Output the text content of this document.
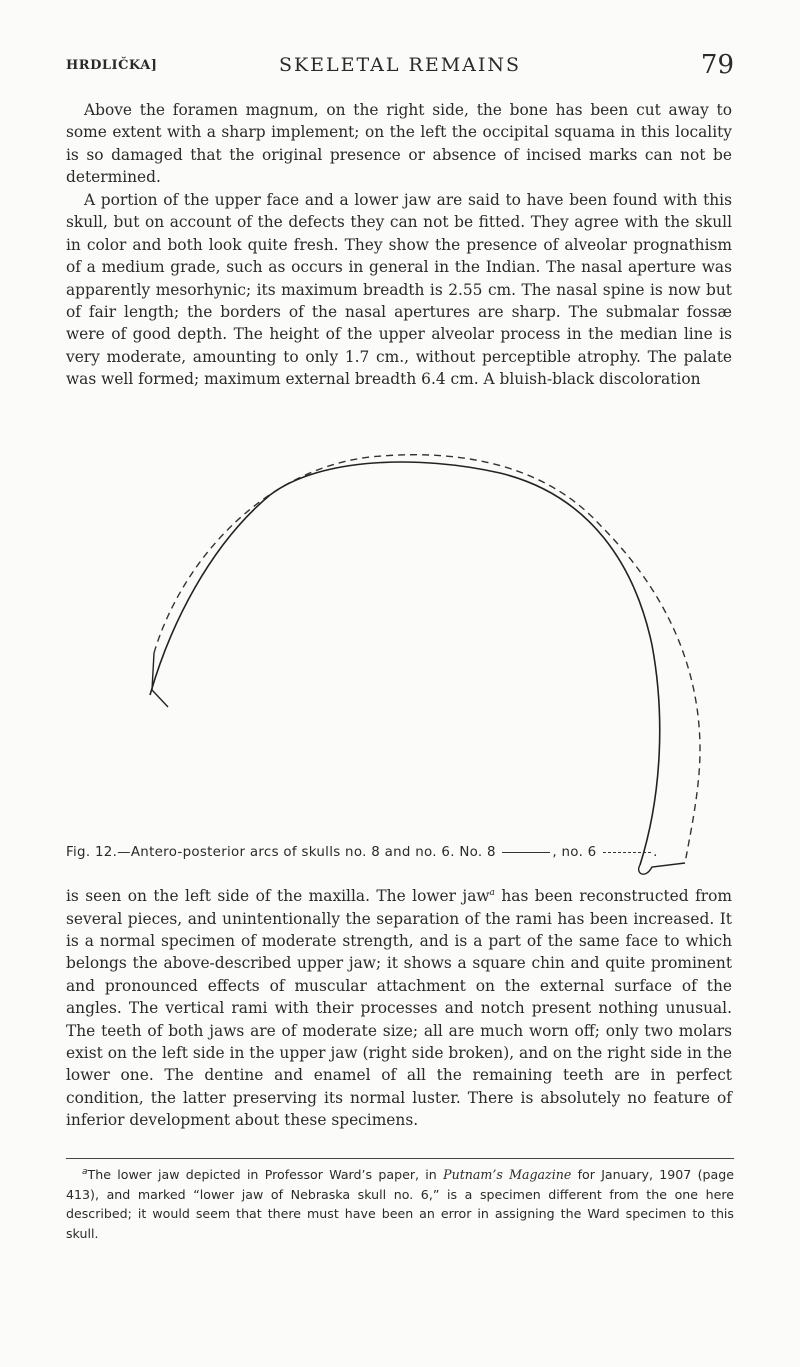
HRDLIČKA]	SKELETAL REMAINS	79

Above the foramen magnum, on the right side, the bone has been cut away to some extent with a sharp implement; on the left the occipital squama in this locality is so damaged that the original presence or absence of incised marks can not be determined.

A portion of the upper face and a lower jaw are said to have been found with this skull, but on account of the defects they can not be fitted. They agree with the skull in color and both look quite fresh. They show the presence of alveolar prognathism of a medium grade, such as occurs in general in the Indian. The nasal aperture was apparently mesorhynic; its maximum breadth is 2.55 cm. The nasal spine is now but of fair length; the borders of the nasal apertures are sharp. The submalar fossæ were of good depth. The height of the upper alveolar process in the median line is very moderate, amounting to only 1.7 cm., without perceptible atrophy. The palate was well formed; maximum external breadth 6.4 cm. A bluish-black discoloration

Fig. 12.—Antero-posterior arcs of skulls no. 8 and no. 6. No. 8	, no. 6	.

is seen on the left side of the maxilla. The lower jaw$^a$ has been reconstructed from several pieces, and unintentionally the separation of the rami has been increased. It is a normal specimen of moderate strength, and is a part of the same face to which belongs the above-described upper jaw; it shows a square chin and quite prominent and pronounced effects of muscular attachment on the external surface of the angles. The vertical rami with their processes and notch present nothing unusual. The teeth of both jaws are of moderate size; all are much worn off; only two molars exist on the left side in the upper jaw (right side broken), and on the right side in the lower one. The dentine and enamel of all the remaining teeth are in perfect condition, the latter preserving its normal luster. There is absolutely no feature of inferior development about these specimens.

$^a$The lower jaw depicted in Professor Ward’s paper, in Putnam’s Magazine for January, 1907 (page 413), and marked “lower jaw of Nebraska skull no. 6,” is a specimen different from the one here described; it would seem that there must have been an error in assigning the Ward specimen to this skull.
